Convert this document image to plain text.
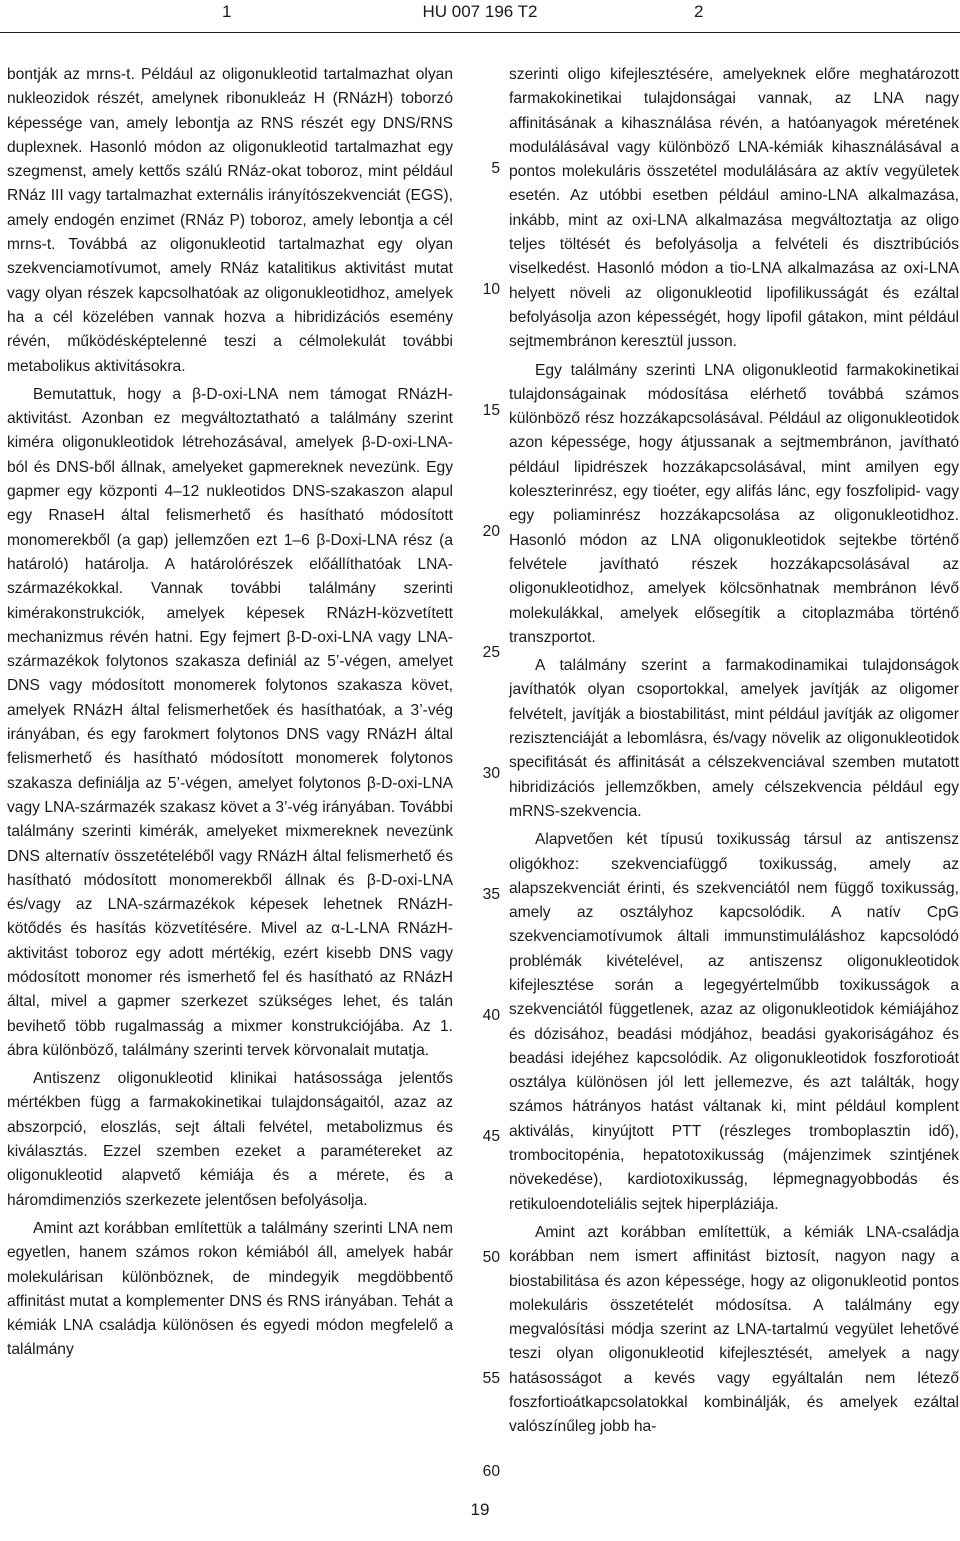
1	HU 007 196 T2	2

bontják az mrns-t. Például az oligonukleotid tartalmazhat olyan nukleozidok részét, amelynek ribonukleáz H (RNázH) toborzó képessége van, amely lebontja az RNS részét egy DNS/RNS duplexnek. Hasonló módon az oligonukleotid tartalmazhat egy szegmenst, amely kettős szálú RNáz-okat toboroz, mint például RNáz III vagy tartalmazhat externális irányítószekvenciát (EGS), amely endogén enzimet (RNáz P) toboroz, amely lebontja a cél mrns-t. Továbbá az oligonukleotid tartalmazhat egy olyan szekvenciamotívumot, amely RNáz katalitikus aktivitást mutat vagy olyan részek kapcsolhatóak az oligonukleotidhoz, amelyek ha a cél közelében vannak hozva a hibridizációs esemény révén, működésképtelenné teszi a célmolekulát további metabolikus aktivitásokra.

Bemutattuk, hogy a β-D-oxi-LNA nem támogat RNázH-aktivitást. Azonban ez megváltoztatható a találmány szerint kiméra oligonukleotidok létrehozásával, amelyek β-D-oxi-LNA-ból és DNS-ből állnak, amelyeket gapmereknek nevezünk. Egy gapmer egy központi 4–12 nukleotidos DNS-szakaszon alapul egy RnaseH által felismerhető és hasítható módosított monomerekből (a gap) jellemzően ezt 1–6 β-Doxi-LNA rész (a határoló) határolja. A határolórészek előállíthatóak LNA-származékokkal. Vannak további találmány szerinti kimérakonstrukciók, amelyek képesek RNázH-közvetített mechanizmus révén hatni. Egy fejmert β-D-oxi-LNA vagy LNA-származékok folytonos szakasza definiál az 5’-végen, amelyet DNS vagy módosított monomerek folytonos szakasza követ, amelyek RNázH által felismerhetőek és hasíthatóak, a 3’-vég irányában, és egy farokmert folytonos DNS vagy RNázH által felismerhető és hasítható módosított monomerek folytonos szakasza definiálja az 5’-végen, amelyet folytonos β-D-oxi-LNA vagy LNA-származék szakasz követ a 3’-vég irányában. További találmány szerinti kimérák, amelyeket mixmereknek nevezünk DNS alternatív összetételéből vagy RNázH által felismerhető és hasítható módosított monomerekből állnak és β-D-oxi-LNA és/vagy az LNA-származékok képesek lehetnek RNázH-kötődés és hasítás közvetítésére. Mivel az α-L-LNA RNázH-aktivitást toboroz egy adott mértékig, ezért kisebb DNS vagy módosított monomer rés ismerhető fel és hasítható az RNázH által, mivel a gapmer szerkezet szükséges lehet, és talán bevihető több rugalmasság a mixmer konstrukciójába. Az 1. ábra különböző, találmány szerinti tervek körvonalait mutatja.

Antiszenz oligonukleotid klinikai hatásossága jelentős mértékben függ a farmakokinetikai tulajdonságaitól, azaz az abszorpció, eloszlás, sejt általi felvétel, metabolizmus és kiválasztás. Ezzel szemben ezeket a paramétereket az oligonukleotid alapvető kémiája és a mérete, és a háromdimenziós szerkezete jelentősen befolyásolja.

Amint azt korábban említettük a találmány szerinti LNA nem egyetlen, hanem számos rokon kémiából áll, amelyek habár molekulárisan különböznek, de mindegyik megdöbbentő affinitást mutat a komplementer DNS és RNS irányában. Tehát a kémiák LNA családja különösen és egyedi módon megfelelő a találmány

szerinti oligo kifejlesztésére, amelyeknek előre meghatározott farmakokinetikai tulajdonságai vannak, az LNA nagy affinitásának a kihasználása révén, a hatóanyagok méretének modulálásával vagy különböző LNA-kémiák kihasználásával a pontos molekuláris összetétel modulálására az aktív vegyületek esetén. Az utóbbi esetben például amino-LNA alkalmazása, inkább, mint az oxi-LNA alkalmazása megváltoztatja az oligo teljes töltését és befolyásolja a felvételi és disztribúciós viselkedést. Hasonló módon a tio-LNA alkalmazása az oxi-LNA helyett növeli az oligonukleotid lipofilikusságát és ezáltal befolyásolja azon képességét, hogy lipofil gátakon, mint például sejtmembránon keresztül jusson.

Egy találmány szerinti LNA oligonukleotid farmakokinetikai tulajdonságainak módosítása elérhető továbbá számos különböző rész hozzákapcsolásával. Például az oligonukleotidok azon képessége, hogy átjussanak a sejtmembránon, javítható például lipidrészek hozzákapcsolásával, mint amilyen egy koleszterinrész, egy tioéter, egy alifás lánc, egy foszfolipid- vagy egy poliaminrész hozzákapcsolása az oligonukleotidhoz. Hasonló módon az LNA oligonukleotidok sejtekbe történő felvétele javítható részek hozzákapcsolásával az oligonukleotidhoz, amelyek kölcsönhatnak membránon lévő molekulákkal, amelyek elősegítik a citoplazmába történő transzportot.

A találmány szerint a farmakodinamikai tulajdonságok javíthatók olyan csoportokkal, amelyek javítják az oligomer felvételt, javítják a biostabilitást, mint például javítják az oligomer rezisztenciáját a lebomlásra, és/vagy növelik az oligonukleotidok specifitását és affinitását a célszekvenciával szemben mutatott hibridizációs jellemzőkben, amely célszekvencia például egy mRNS-szekvencia.

Alapvetően két típusú toxikusság társul az antiszensz oligókhoz: szekvenciafüggő toxikusság, amely az alapszekvenciát érinti, és szekvenciától nem függő toxikusság, amely az osztályhoz kapcsolódik. A natív CpG szekvenciamotívumok általi immunstimuláláshoz kapcsolódó problémák kivételével, az antiszensz oligonukleotidok kifejlesztése során a legegyértelműbb toxikusságok a szekvenciától függetlenek, azaz az oligonukleotidok kémiájához és dózisához, beadási módjához, beadási gyakoriságához és beadási idejéhez kapcsolódik. Az oligonukleotidok foszforotioát osztálya különösen jól lett jellemezve, és azt találták, hogy számos hátrányos hatást váltanak ki, mint például komplent aktiválás, kinyújtott PTT (részleges tromboplasztin idő), trombocitopénia, hepatotoxikusság (májenzimek szintjének növekedése), kardiotoxikusság, lépmegnagyobbodás és retikuloendoteliális sejtek hiperpláziája.

Amint azt korábban említettük, a kémiák LNA-családja korábban nem ismert affinitást biztosít, nagyon nagy a biostabilitása és azon képessége, hogy az oligonukleotid pontos molekuláris összetételét módosítsa. A találmány egy megvalósítási módja szerint az LNA-tartalmú vegyület lehetővé teszi olyan oligonukleotid kifejlesztését, amelyek a nagy hatásosságot a kevés vagy egyáltalán nem létező foszfortioátkapcsolatokkal kombinálják, és amelyek ezáltal valószínűleg jobb ha-

5
10
15
20
25
30
35
40
45
50
55
60
19
